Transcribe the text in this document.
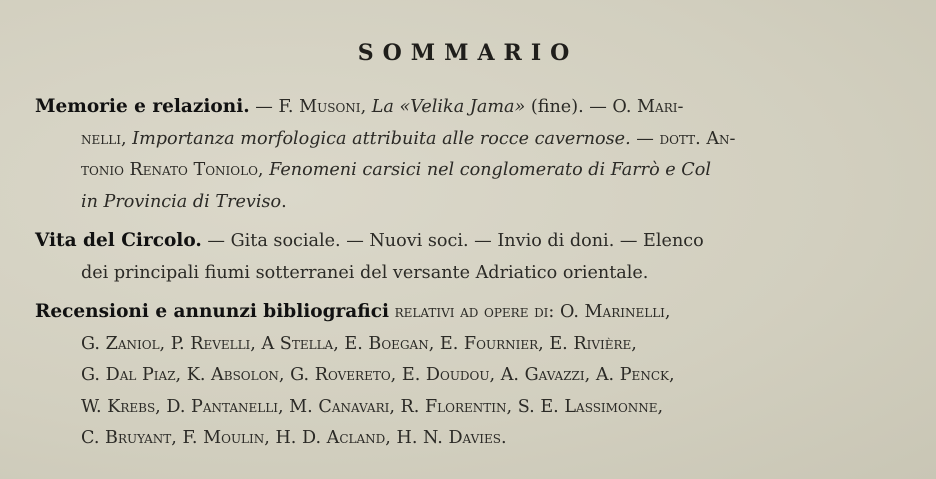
SOMMARIO

Memorie e relazioni. — F. Musoni, La «Velika Jama» (fine). — O. Mari-

nelli, Importanza morfologica attribuita alle rocce cavernose. — dott. An-

tonio Renato Toniolo, Fenomeni carsici nel conglomerato di Farrò e Col

in Provincia di Treviso.

Vita del Circolo. — Gita sociale. — Nuovi soci. — Invio di doni. — Elenco

dei principali fiumi sotterranei del versante Adriatico orientale.

Recensioni e annunzi bibliografici relativi ad opere di: O. Marinelli,

G. Zaniol, P. Revelli, A Stella, E. Boegan, E. Fournier, E. Rivière,

G. Dal Piaz, K. Absolon, G. Rovereto, E. Doudou, A. Gavazzi, A. Penck,

W. Krebs, D. Pantanelli, M. Canavari, R. Florentin, S. E. Lassimonne,

C. Bruyant, F. Moulin, H. D. Acland, H. N. Davies.
